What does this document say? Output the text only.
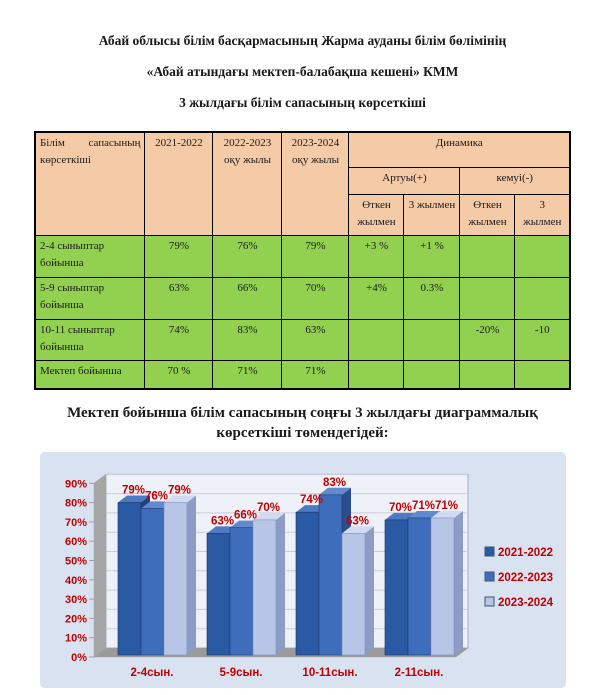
Абай облысы білім басқармасының Жарма ауданы білім бөлімінің

«Абай атындағы мектеп-балабақша кешені» КММ

3 жылдағы білім сапасының көрсеткіші

Білім сапасының көрсеткіші	2021-2022	2022-2023 оқу жылы	2023-2024 оқу жылы	Динамика			
				Артуы(+)		кемуі(-)	
				Өткен жылмен	3 жылмен	Өткен жылмен	3 жылмен
2-4 сыныптар бойынша	79%	76%	79%	+3 %	+1 %		
5-9 сыныптар бойынша	63%	66%	70%	+4%	0.3%		
10-11 сыныптар бойынша	74%	83%	63%			-20%	-10
Мектеп бойынша	70 %	71%	71%				

Мектеп бойынша білім сапасының соңғы 3 жылдағы диаграммалық көрсеткіші төмендегідей:

0%
10%
20%
30%
40%
50%
60%
70%
80%
90%
79% 76% 79%
63% 66%
70%
74%
83%
63%
70% 71% 71%
2-4сын.	5-9сын.	10-11сын.	2-11сын.
2021-2022
2022-2023
2023-2024
